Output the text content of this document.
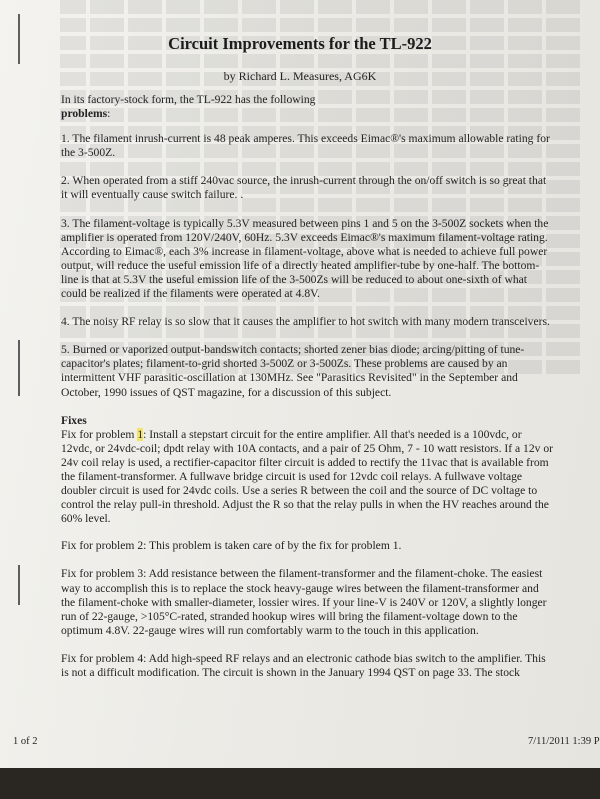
Circuit Improvements for the TL-922
by Richard L. Measures, AG6K

In its factory-stock form, the TL-922 has the following
problems:

1. The filament inrush-current is 48 peak amperes. This exceeds Eimac®'s maximum allowable rating for the 3-500Z.

2. When operated from a stiff 240vac source, the inrush-current through the on/off switch is so great that it will eventually cause switch failure. .

3. The filament-voltage is typically 5.3V measured between pins 1 and 5 on the 3-500Z sockets when the amplifier is operated from 120V/240V, 60Hz. 5.3V exceeds Eimac®'s maximum filament-voltage rating. According to Eimac®, each 3% increase in filament-voltage, above what is needed to achieve full power output, will reduce the useful emission life of a directly heated amplifier-tube by one-half. The bottom-line is that at 5.3V the useful emission life of the 3-500Zs will be reduced to about one-sixth of what could be realized if the filaments were operated at 4.8V.

4. The noisy RF relay is so slow that it causes the amplifier to hot switch with many modern transceivers.

5. Burned or vaporized output-bandswitch contacts; shorted zener bias diode; arcing/pitting of tune-capacitor's plates; filament-to-grid shorted 3-500Z or 3-500Zs. These problems are caused by an intermittent VHF parasitic-oscillation at 130MHz. See "Parasitics Revisited" in the September and October, 1990 issues of QST magazine, for a discussion of this subject.

Fixes
Fix for problem 1: Install a stepstart circuit for the entire amplifier. All that's needed is a 100vdc, or 12vdc, or 24vdc-coil; dpdt relay with 10A contacts, and a pair of 25 Ohm, 7 - 10 watt resistors. If a 12v or 24v coil relay is used, a rectifier-capacitor filter circuit is added to rectify the 11vac that is available from the filament-transformer. A fullwave bridge circuit is used for 12vdc coil relays. A fullwave voltage doubler circuit is used for 24vdc coils. Use a series R between the coil and the source of DC voltage to control the relay pull-in threshold. Adjust the R so that the relay pulls in when the HV reaches around the 60% level.

Fix for problem 2: This problem is taken care of by the fix for problem 1.

Fix for problem 3: Add resistance between the filament-transformer and the filament-choke. The easiest way to accomplish this is to replace the stock heavy-gauge wires between the filament-transformer and the filament-choke with smaller-diameter, lossier wires. If your line-V is 240V or 120V, a slightly longer run of 22-gauge, >105°C-rated, stranded hookup wires will bring the filament-voltage down to the optimum 4.8V. 22-gauge wires will run comfortably warm to the touch in this application.

Fix for problem 4: Add high-speed RF relays and an electronic cathode bias switch to the amplifier. This is not a difficult modification. The circuit is shown in the January 1994 QST on page 33. The stock

1 of 2	7/11/2011 1:39 P
